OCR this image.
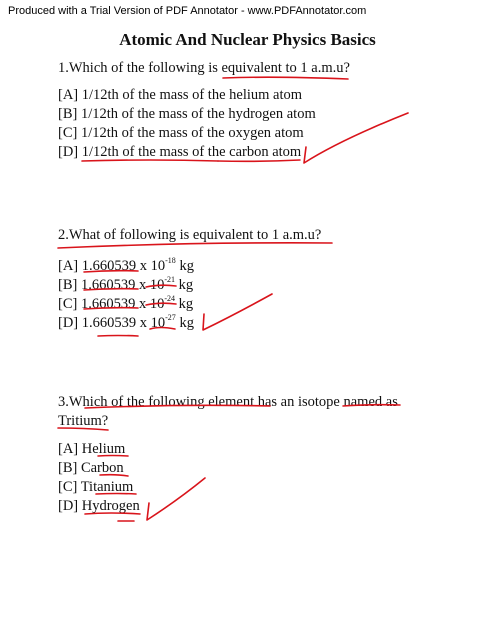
Produced with a Trial Version of PDF Annotator - www.PDFAnnotator.com
Atomic And Nuclear Physics Basics
1.Which of the following is equivalent to 1 a.m.u?
[A] 1/12th of the mass of the helium atom
[B] 1/12th of the mass of the hydrogen atom
[C] 1/12th of the mass of the oxygen atom
[D] 1/12th of the mass of the carbon atom
2.What of following is equivalent to 1 a.m.u?
[A] 1.660539 x $10^{-18}$ kg
[B] 1.660539 x $10^{-21}$ kg
[C] 1.660539 x $10^{-24}$ kg
[D] 1.660539 x $10^{-27}$ kg
3.Which of the following element has an isotope named as
Tritium?
[A] Helium
[B] Carbon
[C] Titanium
[D] Hydrogen
